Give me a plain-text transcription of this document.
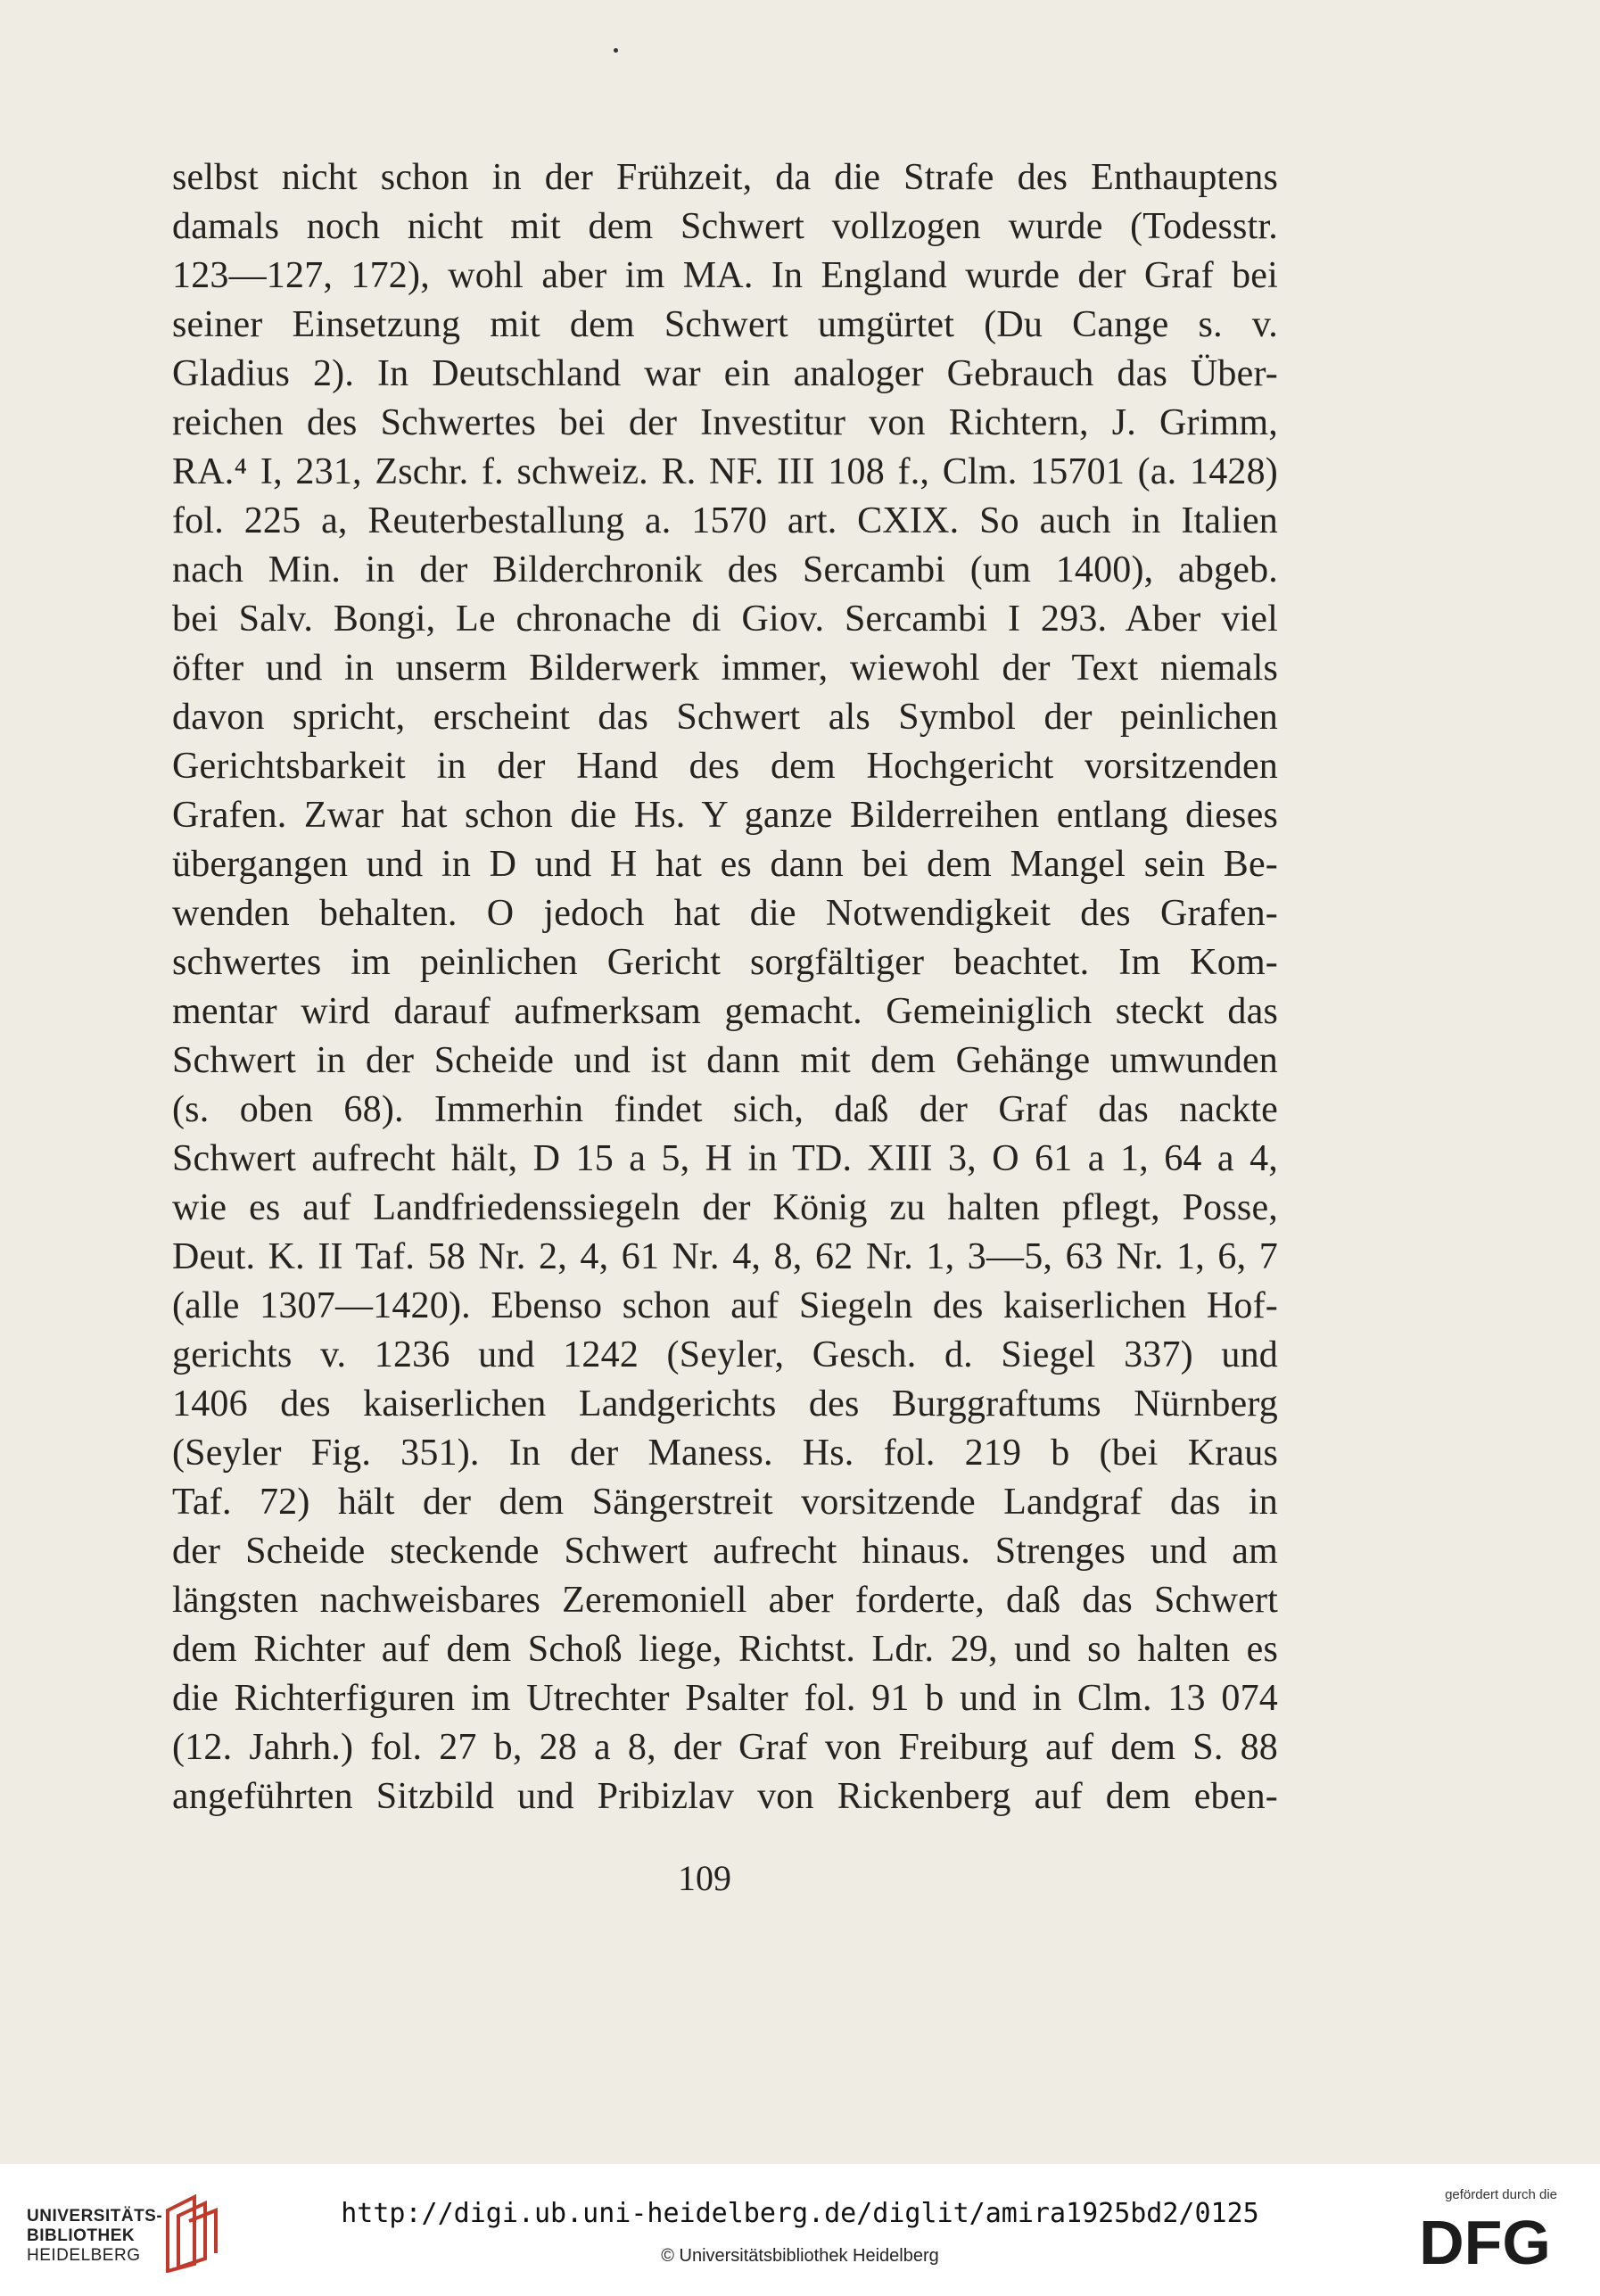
selbst nicht schon in der Frühzeit, da die Strafe des Enthauptens
damals noch nicht mit dem Schwert vollzogen wurde (Todesstr.
123—127, 172), wohl aber im MA. In England wurde der Graf bei
seiner Einsetzung mit dem Schwert umgürtet (Du Cange s. v.
Gladius 2). In Deutschland war ein analoger Gebrauch das Über-
reichen des Schwertes bei der Investitur von Richtern, J. Grimm,
RA.⁴ I, 231, Zschr. f. schweiz. R. NF. III 108 f., Clm. 15701 (a. 1428)
fol. 225 a, Reuterbestallung a. 1570 art. CXIX. So auch in Italien
nach Min. in der Bilderchronik des Sercambi (um 1400), abgeb.
bei Salv. Bongi, Le chronache di Giov. Sercambi I 293. Aber viel
öfter und in unserm Bilderwerk immer, wiewohl der Text niemals
davon spricht, erscheint das Schwert als Symbol der peinlichen
Gerichtsbarkeit in der Hand des dem Hochgericht vorsitzenden
Grafen. Zwar hat schon die Hs. Y ganze Bilderreihen entlang dieses
übergangen und in D und H hat es dann bei dem Mangel sein Be-
wenden behalten. O jedoch hat die Notwendigkeit des Grafen-
schwertes im peinlichen Gericht sorgfältiger beachtet. Im Kom-
mentar wird darauf aufmerksam gemacht. Gemeiniglich steckt das
Schwert in der Scheide und ist dann mit dem Gehänge umwunden
(s. oben 68). Immerhin findet sich, daß der Graf das nackte
Schwert aufrecht hält, D 15 a 5, H in TD. XIII 3, O 61 a 1, 64 a 4,
wie es auf Landfriedenssiegeln der König zu halten pflegt, Posse,
Deut. K. II Taf. 58 Nr. 2, 4, 61 Nr. 4, 8, 62 Nr. 1, 3—5, 63 Nr. 1, 6, 7
(alle 1307—1420). Ebenso schon auf Siegeln des kaiserlichen Hof-
gerichts v. 1236 und 1242 (Seyler, Gesch. d. Siegel 337) und
1406 des kaiserlichen Landgerichts des Burggraftums Nürnberg
(Seyler Fig. 351). In der Maness. Hs. fol. 219 b (bei Kraus
Taf. 72) hält der dem Sängerstreit vorsitzende Landgraf das in
der Scheide steckende Schwert aufrecht hinaus. Strenges und am
längsten nachweisbares Zeremoniell aber forderte, daß das Schwert
dem Richter auf dem Schoß liege, Richtst. Ldr. 29, und so halten es
die Richterfiguren im Utrechter Psalter fol. 91 b und in Clm. 13 074
(12. Jahrh.) fol. 27 b, 28 a 8, der Graf von Freiburg auf dem S. 88
angeführten Sitzbild und Pribizlav von Rickenberg auf dem eben-
109
UNIVERSITÄTS-
BIBLIOTHEK
HEIDELBERG
http://digi.ub.uni-heidelberg.de/diglit/amira1925bd2/0125
© Universitätsbibliothek Heidelberg
gefördert durch die
DFG
